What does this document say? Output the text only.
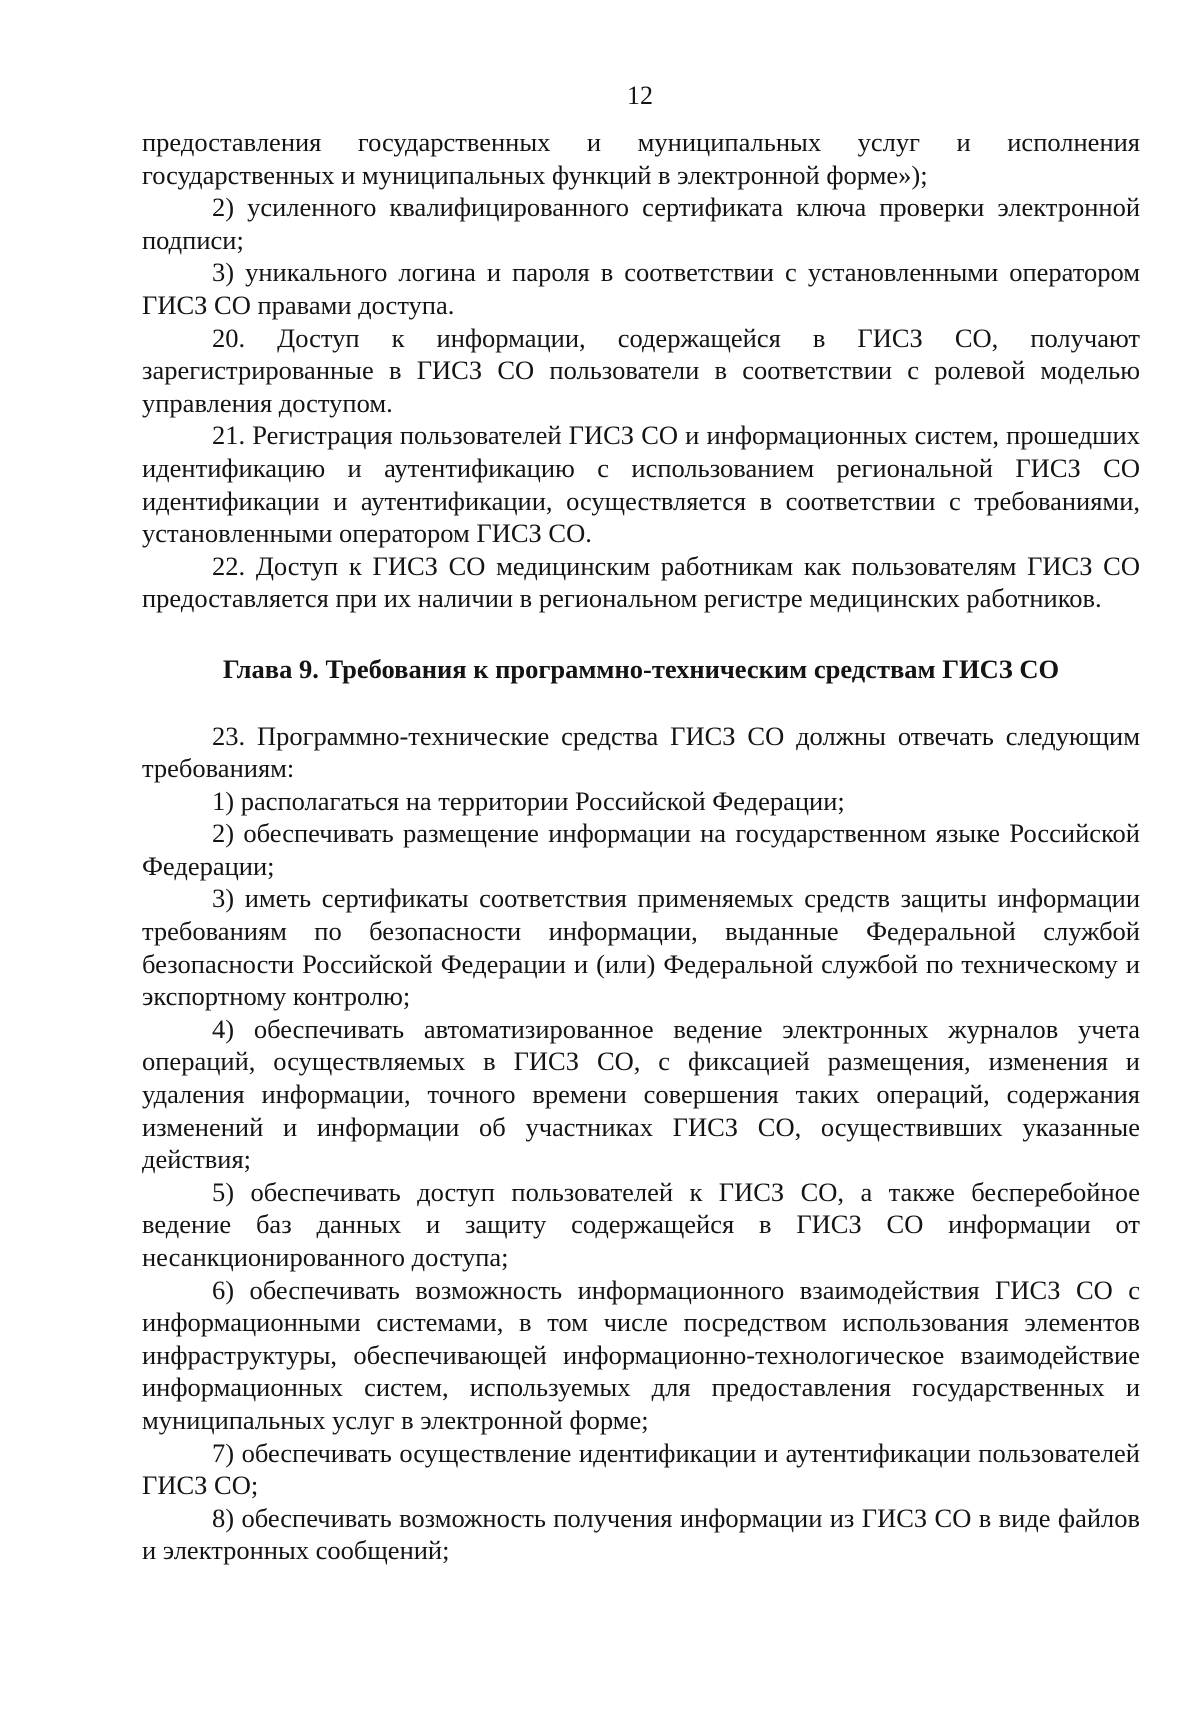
12

предоставления государственных и муниципальных услуг и исполнения государственных и муниципальных функций в электронной форме»);

2) усиленного квалифицированного сертификата ключа проверки электронной подписи;

3) уникального логина и пароля в соответствии с установленными оператором ГИСЗ СО правами доступа.

20. Доступ к информации, содержащейся в ГИСЗ СО, получают зарегистрированные в ГИСЗ СО пользователи в соответствии с ролевой моделью управления доступом.

21. Регистрация пользователей ГИСЗ СО и информационных систем, прошедших идентификацию и аутентификацию с использованием региональной ГИСЗ СО идентификации и аутентификации, осуществляется в соответствии с требованиями, установленными оператором ГИСЗ СО.

22. Доступ к ГИСЗ СО медицинским работникам как пользователям ГИСЗ СО предоставляется при их наличии в региональном регистре медицинских работников.

Глава 9. Требования к программно-техническим средствам ГИСЗ СО

23. Программно-технические средства ГИСЗ СО должны отвечать следующим требованиям:

1) располагаться на территории Российской Федерации;

2) обеспечивать размещение информации на государственном языке Российской Федерации;

3) иметь сертификаты соответствия применяемых средств защиты информации требованиям по безопасности информации, выданные Федеральной службой безопасности Российской Федерации и (или) Федеральной службой по техническому и экспортному контролю;

4) обеспечивать автоматизированное ведение электронных журналов учета операций, осуществляемых в ГИСЗ СО, с фиксацией размещения, изменения и удаления информации, точного времени совершения таких операций, содержания изменений и информации об участниках ГИСЗ СО, осуществивших указанные действия;

5) обеспечивать доступ пользователей к ГИСЗ СО, а также бесперебойное ведение баз данных и защиту содержащейся в ГИСЗ СО информации от несанкционированного доступа;

6) обеспечивать возможность информационного взаимодействия ГИСЗ СО с информационными системами, в том числе посредством использования элементов инфраструктуры, обеспечивающей информационно-технологическое взаимодействие информационных систем, используемых для предоставления государственных и муниципальных услуг в электронной форме;

7) обеспечивать осуществление идентификации и аутентификации пользователей ГИСЗ СО;

8) обеспечивать возможность получения информации из ГИСЗ СО в виде файлов и электронных сообщений;
